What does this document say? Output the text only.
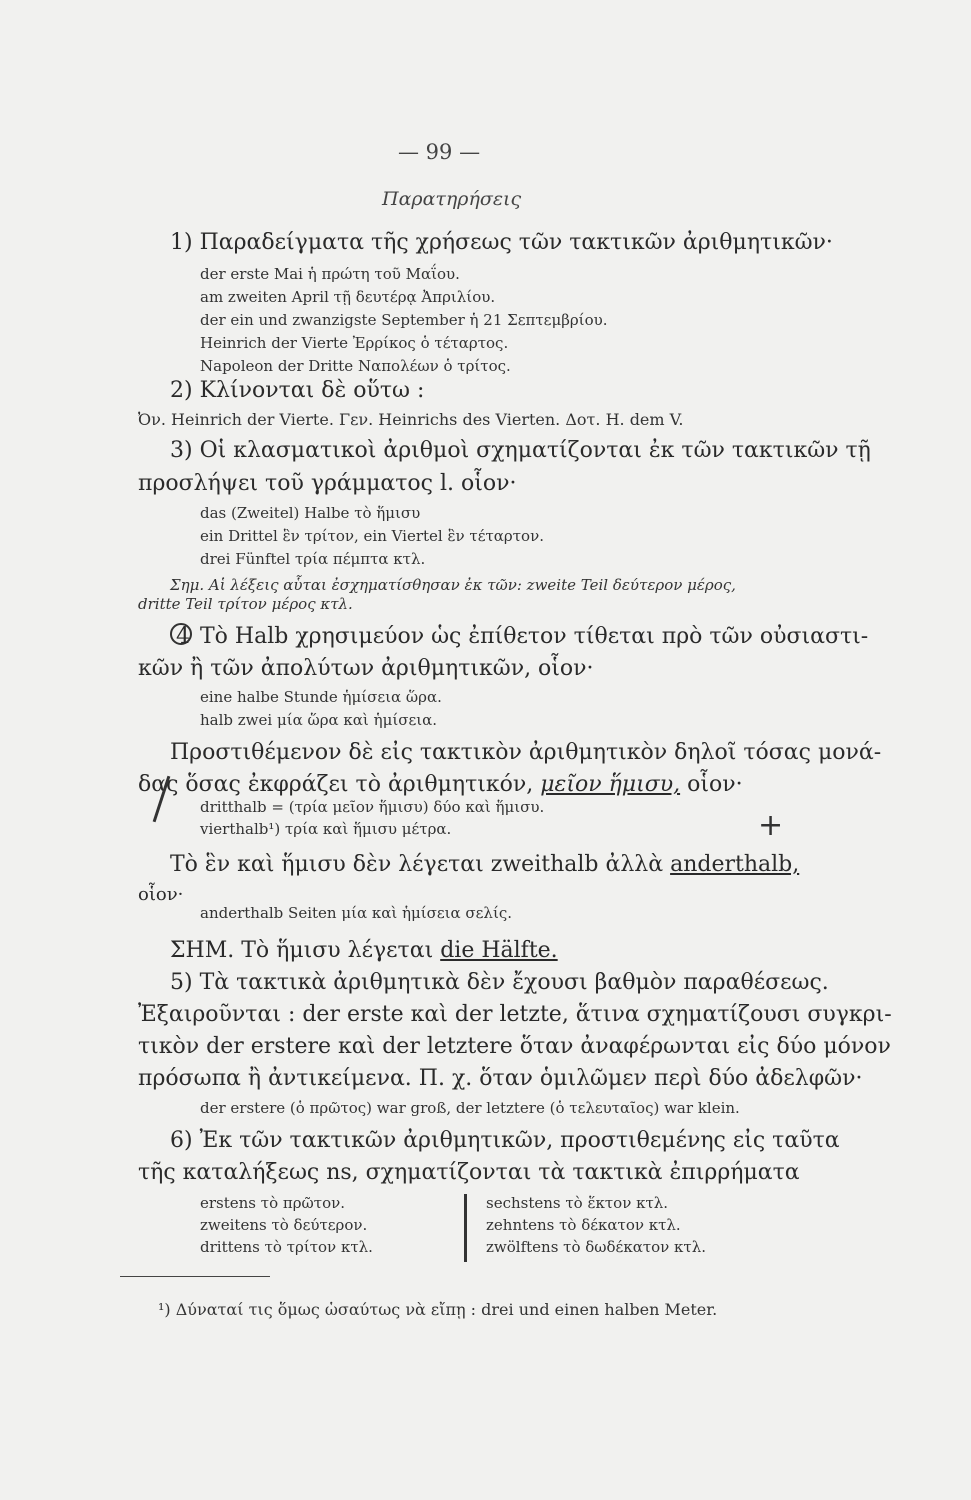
— 99 —
Παρατηρήσεις
1) Παραδείγματα τῆς χρήσεως τῶν τακτικῶν ἀριθμητικῶν·
der erste Mai ἡ πρώτη τοῦ Μαΐου.
am zweiten April τῇ δευτέρᾳ Ἀπριλίου.
der ein und zwanzigste September ἡ 21 Σεπτεμβρίου.
Heinrich der Vierte Ἐρρίκος ὁ τέταρτος.
Napoleon der Dritte Ναπολέων ὁ τρίτος.
2) Κλίνονται δὲ οὕτω :
Ὀν. Heinrich der Vierte. Γεν. Heinrichs des Vierten. Δοτ. H. dem V.
3) Οἱ κλασματικοὶ ἀριθμοὶ σχηματίζονται ἐκ τῶν τακτικῶν τῇ
προσλήψει τοῦ γράμματος l. οἷον·
das (Zweitel) Halbe τὸ ἥμισυ
ein Drittel ἓν τρίτον, ein Viertel ἓν τέταρτον.
drei Fünftel τρία πέμπτα κτλ.
Σημ. Αἱ λέξεις αὗται ἐσχηματίσθησαν ἐκ τῶν: zweite Teil δεύτερον μέρος,
dritte Teil τρίτον μέρος κτλ.
4 Τὸ Halb χρησιμεύον ὡς ἐπίθετον τίθεται πρὸ τῶν οὐσιαστι-
κῶν ἢ τῶν ἀπολύτων ἀριθμητικῶν, οἷον·
eine halbe Stunde ἡμίσεια ὥρα.
halb zwei μία ὥρα καὶ ἡμίσεια.
Προστιθέμενον δὲ εἰς τακτικὸν ἀριθμητικὸν δηλοῖ τόσας μονά-
δας ὅσας ἐκφράζει τὸ ἀριθμητικόν, μεῖον ἥμισυ, οἷον·
dritthalb = (τρία μεῖον ἥμισυ) δύο καὶ ἥμισυ.
vierthalb¹) τρία καὶ ἥμισυ μέτρα.	+
Τὸ ἓν καὶ ἥμισυ δὲν λέγεται zweithalb ἀλλὰ anderthalb,
οἷον·
anderthalb Seiten μία καὶ ἡμίσεια σελίς.
ΣΗΜ. Τὸ ἥμισυ λέγεται die Hälfte.
5) Τὰ τακτικὰ ἀριθμητικὰ δὲν ἔχουσι βαθμὸν παραθέσεως.
Ἐξαιροῦνται : der erste καὶ der letzte, ἅτινα σχηματίζουσι συγκρι-
τικὸν der erstere καὶ der letztere ὅταν ἀναφέρωνται εἰς δύο μόνον
πρόσωπα ἢ ἀντικείμενα. Π. χ. ὅταν ὁμιλῶμεν περὶ δύο ἀδελφῶν·
der erstere (ὁ πρῶτος) war groß, der letztere (ὁ τελευταῖος) war klein.
6) Ἐκ τῶν τακτικῶν ἀριθμητικῶν, προστιθεμένης εἰς ταῦτα
τῆς καταλήξεως ns, σχηματίζονται τὰ τακτικὰ ἐπιρρήματα
erstens τὸ πρῶτον.
zweitens τὸ δεύτερον.
drittens τὸ τρίτον κτλ.
sechstens τὸ ἕκτον κτλ.
zehntens τὸ δέκατον κτλ.
zwölftens τὸ δωδέκατον κτλ.
¹) Δύναταί τις ὅμως ὡσαύτως νὰ εἴπῃ : drei und einen halben Meter.
